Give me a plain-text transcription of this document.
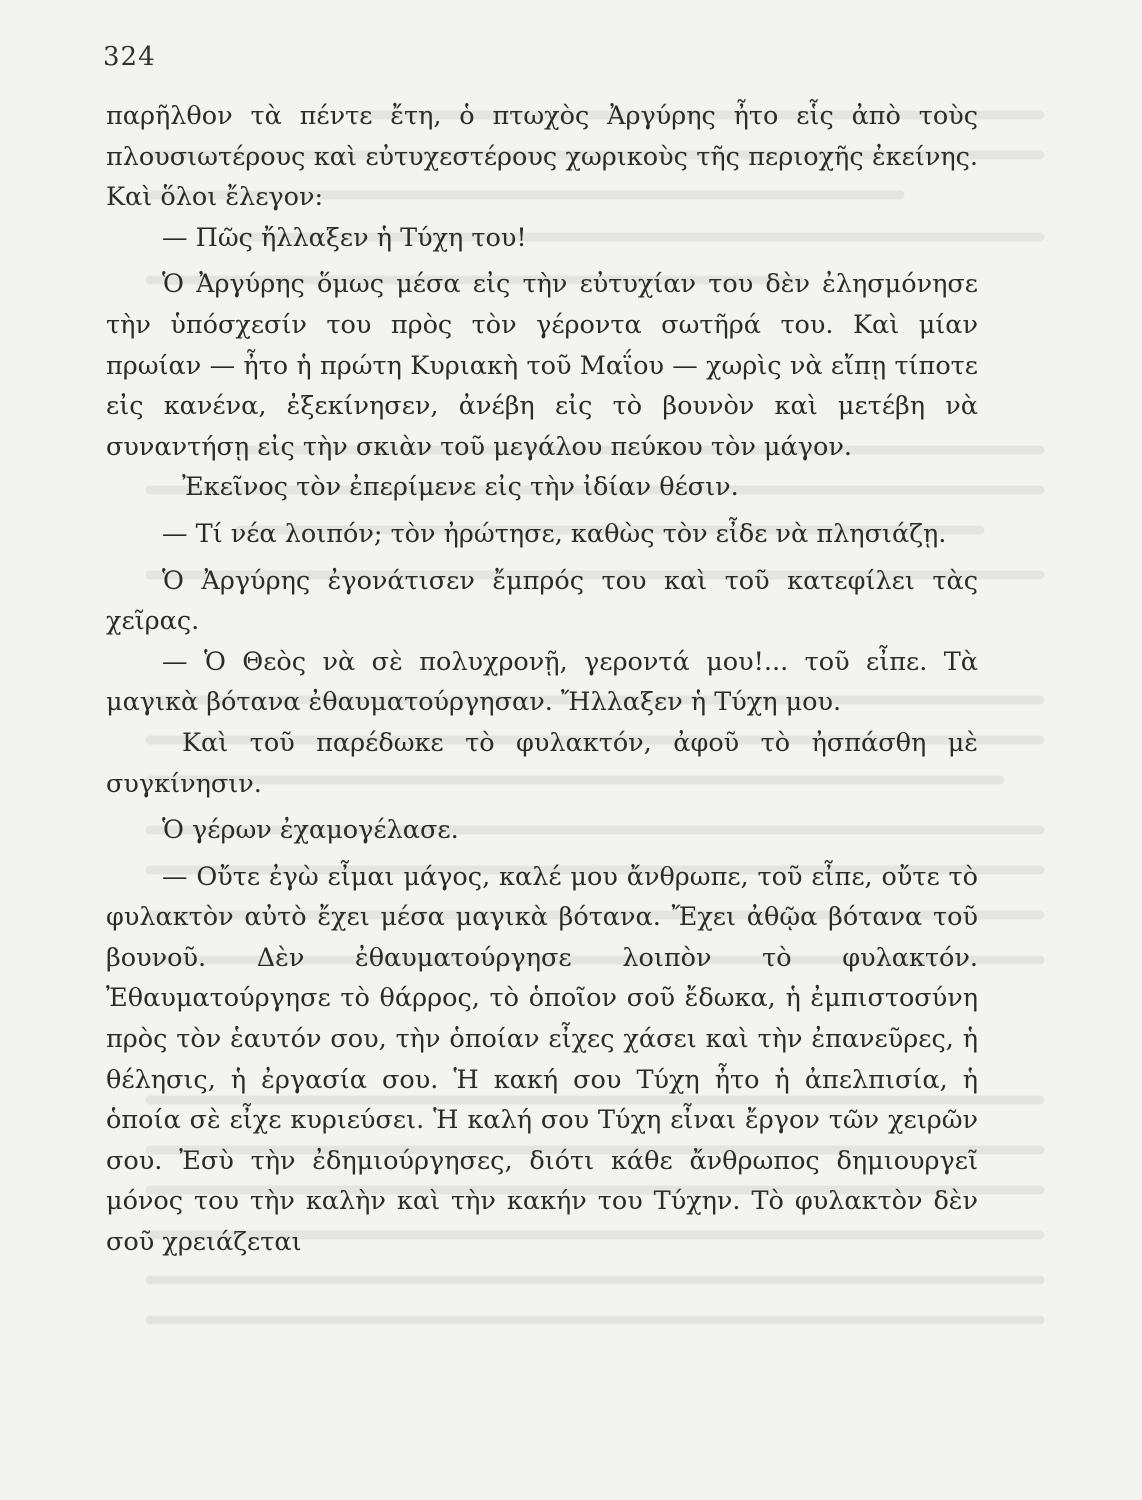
324

παρῆλθον τὰ πέντε ἔτη, ὁ πτωχὸς Ἀργύρης ἦτο εἷς ἀπὸ τοὺς πλουσιωτέρους καὶ εὐτυχεστέρους χωρικοὺς τῆς περιοχῆς ἐκείνης. Καὶ ὅλοι ἔλεγον:

— Πῶς ἤλλαξεν ἡ Τύχη του!

Ὁ Ἀργύρης ὅμως μέσα εἰς τὴν εὐτυχίαν του δὲν ἐλησμόνησε τὴν ὑπόσχεσίν του πρὸς τὸν γέροντα σωτῆρά του. Καὶ μίαν πρωίαν — ἦτο ἡ πρώτη Κυριακὴ τοῦ Μαΐου — χωρὶς νὰ εἴπῃ τίποτε εἰς κανένα, ἐξεκίνησεν, ἀνέβη εἰς τὸ βουνὸν καὶ μετέβη νὰ συναντήσῃ εἰς τὴν σκιὰν τοῦ μεγάλου πεύκου τὸν μάγον.

Ἐκεῖνος τὸν ἐπερίμενε εἰς τὴν ἰδίαν θέσιν.

— Τί νέα λοιπόν; τὸν ἠρώτησε, καθὼς τὸν εἶδε νὰ πλησιάζῃ.

Ὁ Ἀργύρης ἐγονάτισεν ἔμπρός του καὶ τοῦ κατεφίλει τὰς χεῖρας.

— Ὁ Θεὸς νὰ σὲ πολυχρονῇ, γεροντά μου!... τοῦ εἶπε. Τὰ μαγικὰ βότανα ἐθαυματούργησαν. Ἤλλαξεν ἡ Τύχη μου.

Καὶ τοῦ παρέδωκε τὸ φυλακτόν, ἀφοῦ τὸ ἠσπάσθη μὲ συγκίνησιν.

Ὁ γέρων ἐχαμογέλασε.

— Οὔτε ἐγὼ εἶμαι μάγος, καλέ μου ἄνθρωπε, τοῦ εἶπε, οὔτε τὸ φυλακτὸν αὐτὸ ἔχει μέσα μαγικὰ βότανα. Ἔχει ἀθῷα βότανα τοῦ βουνοῦ. Δὲν ἐθαυματούργησε λοιπὸν τὸ φυλακτόν. Ἐθαυματούργησε τὸ θάρρος, τὸ ὁποῖον σοῦ ἔδωκα, ἡ ἐμπιστοσύνη πρὸς τὸν ἑαυτόν σου, τὴν ὁποίαν εἶχες χάσει καὶ τὴν ἐπανεῦρες, ἡ θέλησις, ἡ ἐργασία σου. Ἡ κακή σου Τύχη ἦτο ἡ ἀπελπισία, ἡ ὁποία σὲ εἶχε κυριεύσει. Ἡ καλή σου Τύχη εἶναι ἔργον τῶν χειρῶν σου. Ἐσὺ τὴν ἐδημιούργησες, διότι κάθε ἄνθρωπος δημιουργεῖ μόνος του τὴν καλὴν καὶ τὴν κακήν του Τύχην. Τὸ φυλακτὸν δὲν σοῦ χρειάζεται
